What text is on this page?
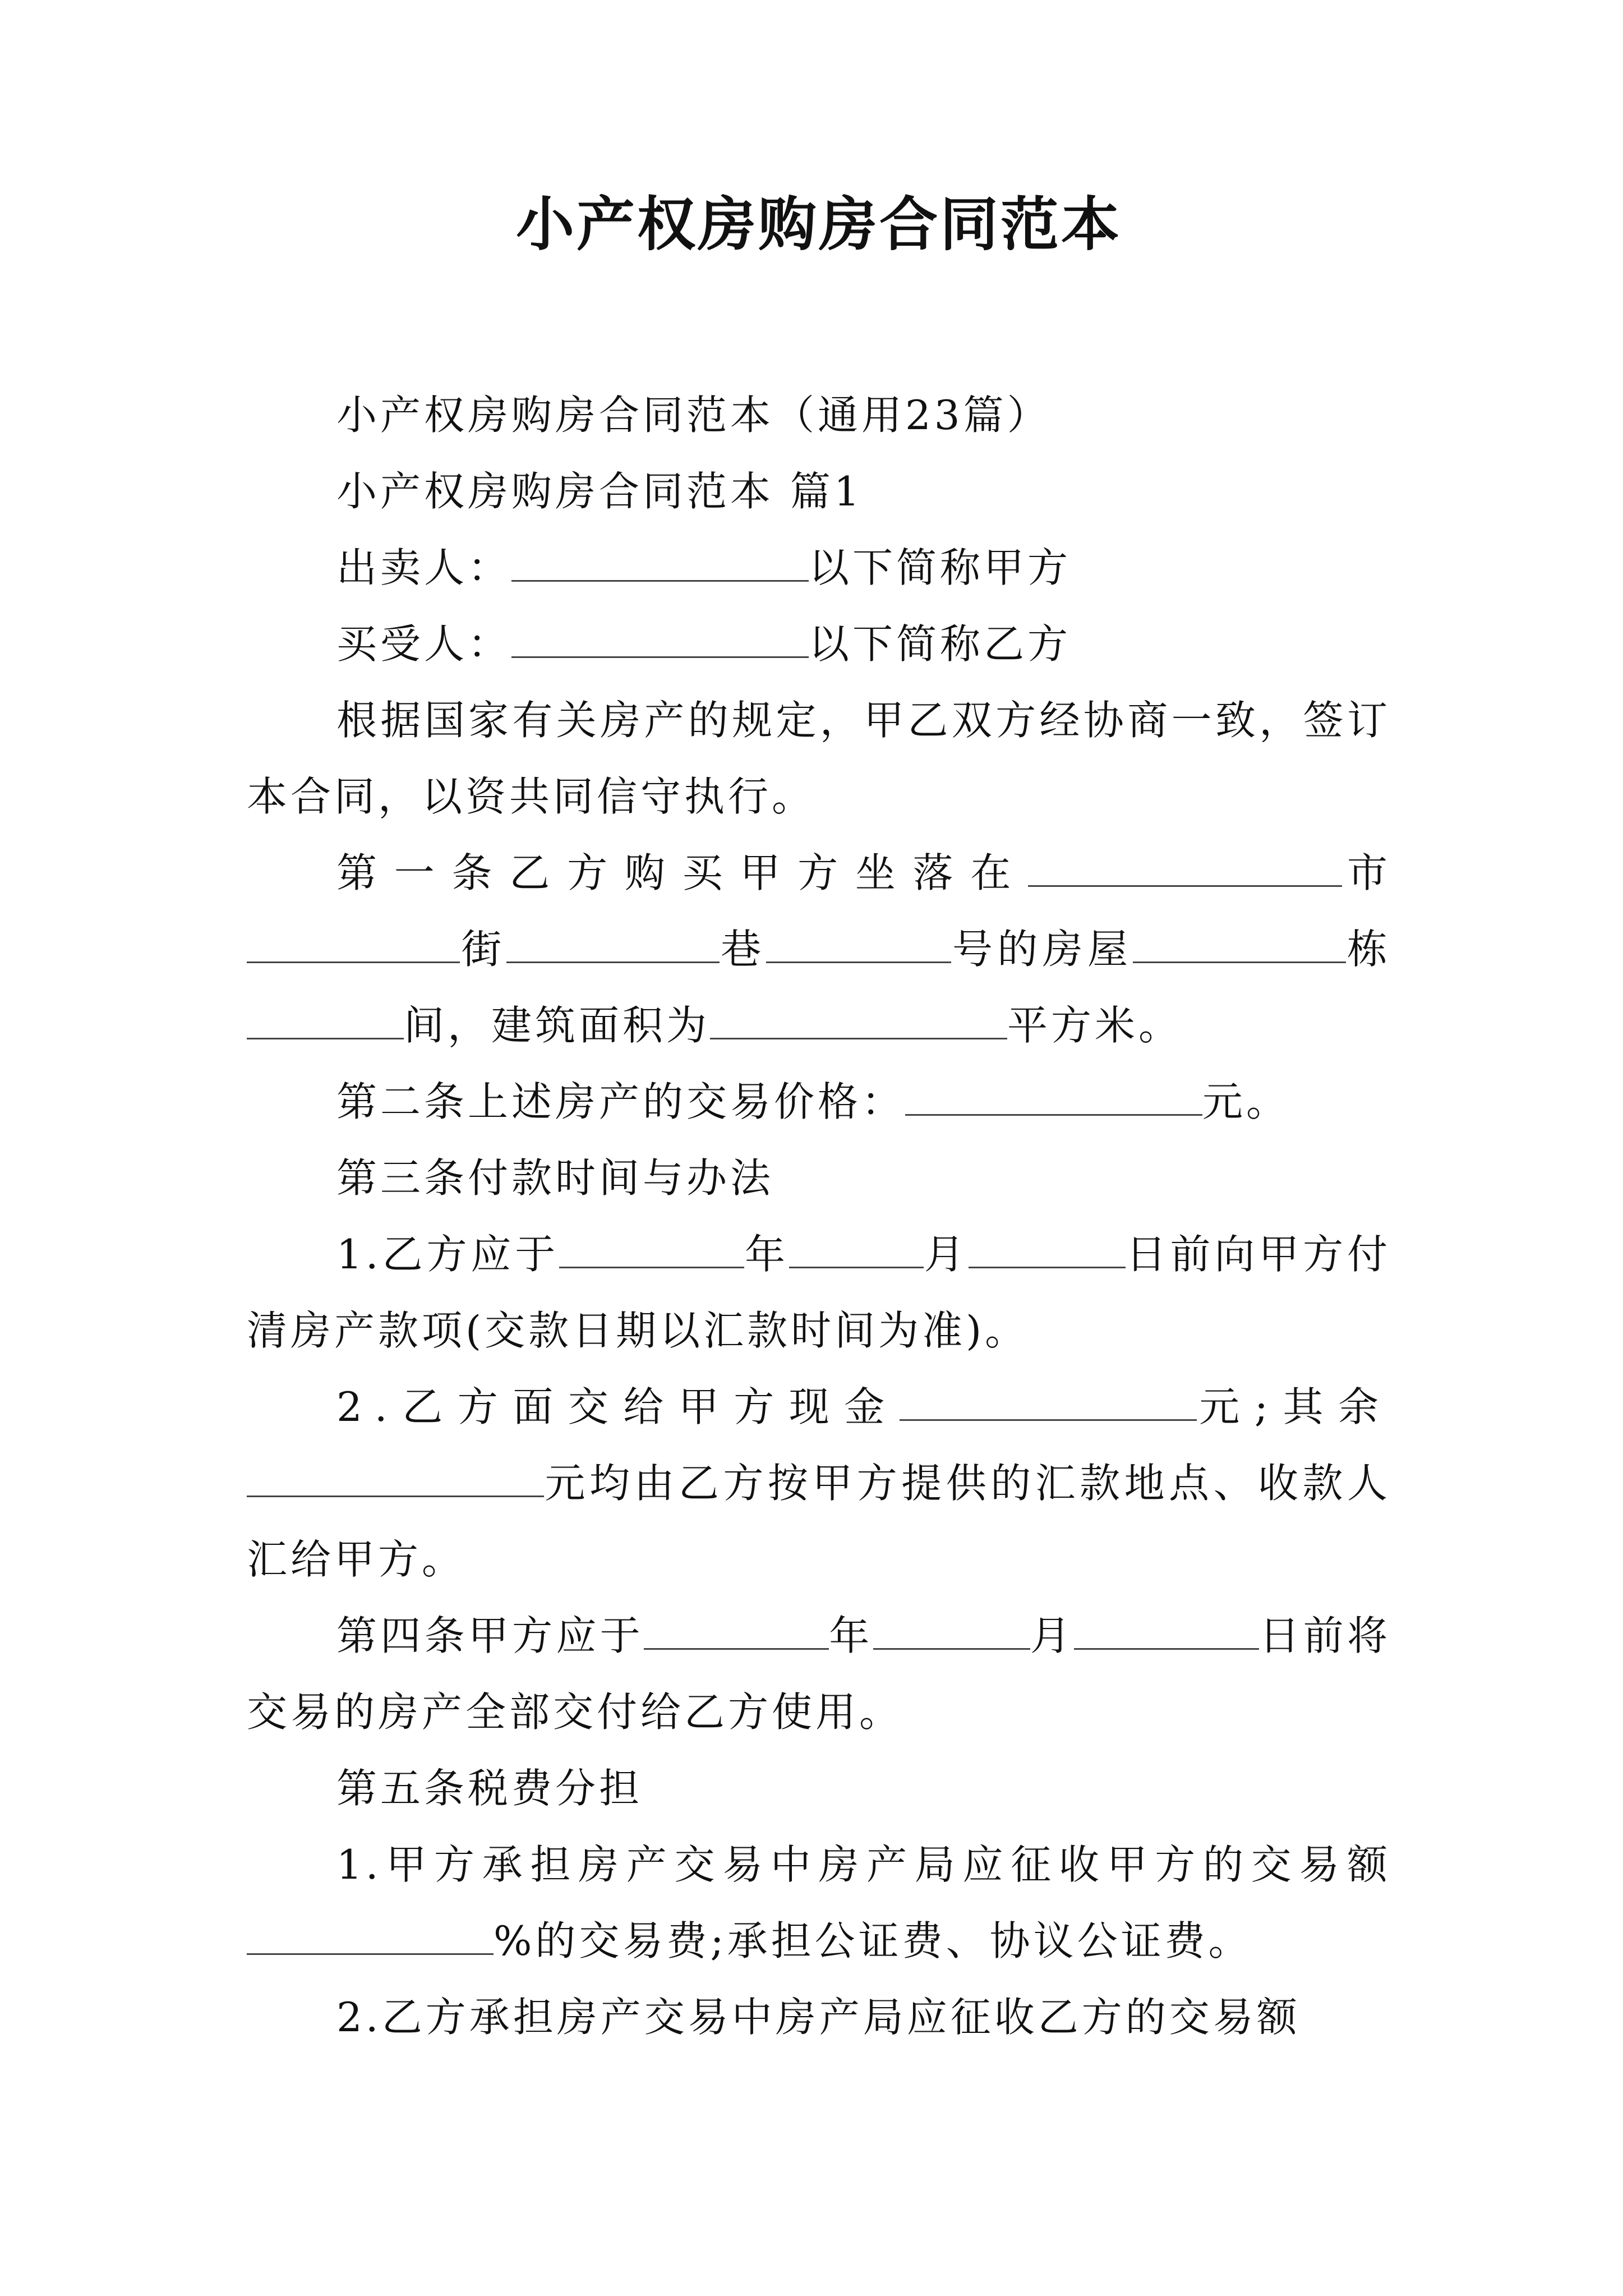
小产权房购房合同范本

小产权房购房合同范本（通用23篇）

小产权房购房合同范本 篇1

出卖人：	以下简称甲方

买受人：	以下简称乙方

根据国家有关房产的规定，甲乙双方经协商一致，签订本合同，以资共同信守执行。

第一条乙方购买甲方坐落在	市街	巷	号的房屋	栋间，建筑面积为	平方米。

第二条上述房产的交易价格：	元。

第三条付款时间与办法

1.乙方应于	年	月	日前向甲方付清房产款项(交款日期以汇款时间为准)。

2.乙方面交给甲方现金	元;其余元均由乙方按甲方提供的汇款地点、收款人汇给甲方。

第四条甲方应于	年	月	日前将交易的房产全部交付给乙方使用。

第五条税费分担

1.甲方承担房产交易中房产局应征收甲方的交易额%的交易费;承担公证费、协议公证费。

2.乙方承担房产交易中房产局应征收乙方的交易额
